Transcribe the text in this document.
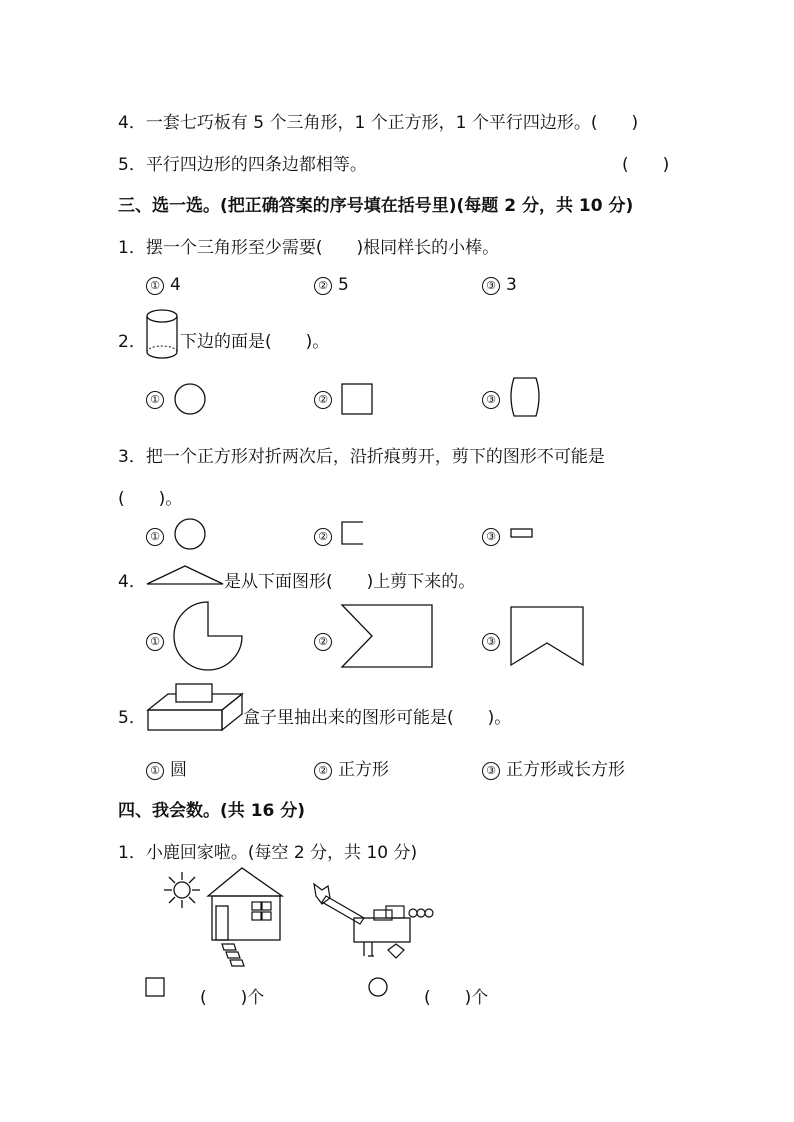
4．一套七巧板有 5 个三角形，1 个正方形，1 个平行四边形。(　　)
5．平行四边形的四条边都相等。	(　　)
三、选一选。(把正确答案的序号填在括号里)(每题 2 分，共 10 分)
1．摆一个三角形至少需要(　　)根同样长的小棒。
① 4	② 5	③ 3
2． 下边的面是(　　)。
①	②	③
3．把一个正方形对折两次后，沿折痕剪开，剪下的图形不可能是
(　　)。
①	②	③
4．	是从下面图形(　　)上剪下来的。
①	②	③
5．	盒子里抽出来的图形可能是(　　)。
① 圆	② 正方形	③ 正方形或长方形
四、我会数。(共 16 分)
1．小鹿回家啦。(每空 2 分，共 10 分)
(　　)个	(　　)个
